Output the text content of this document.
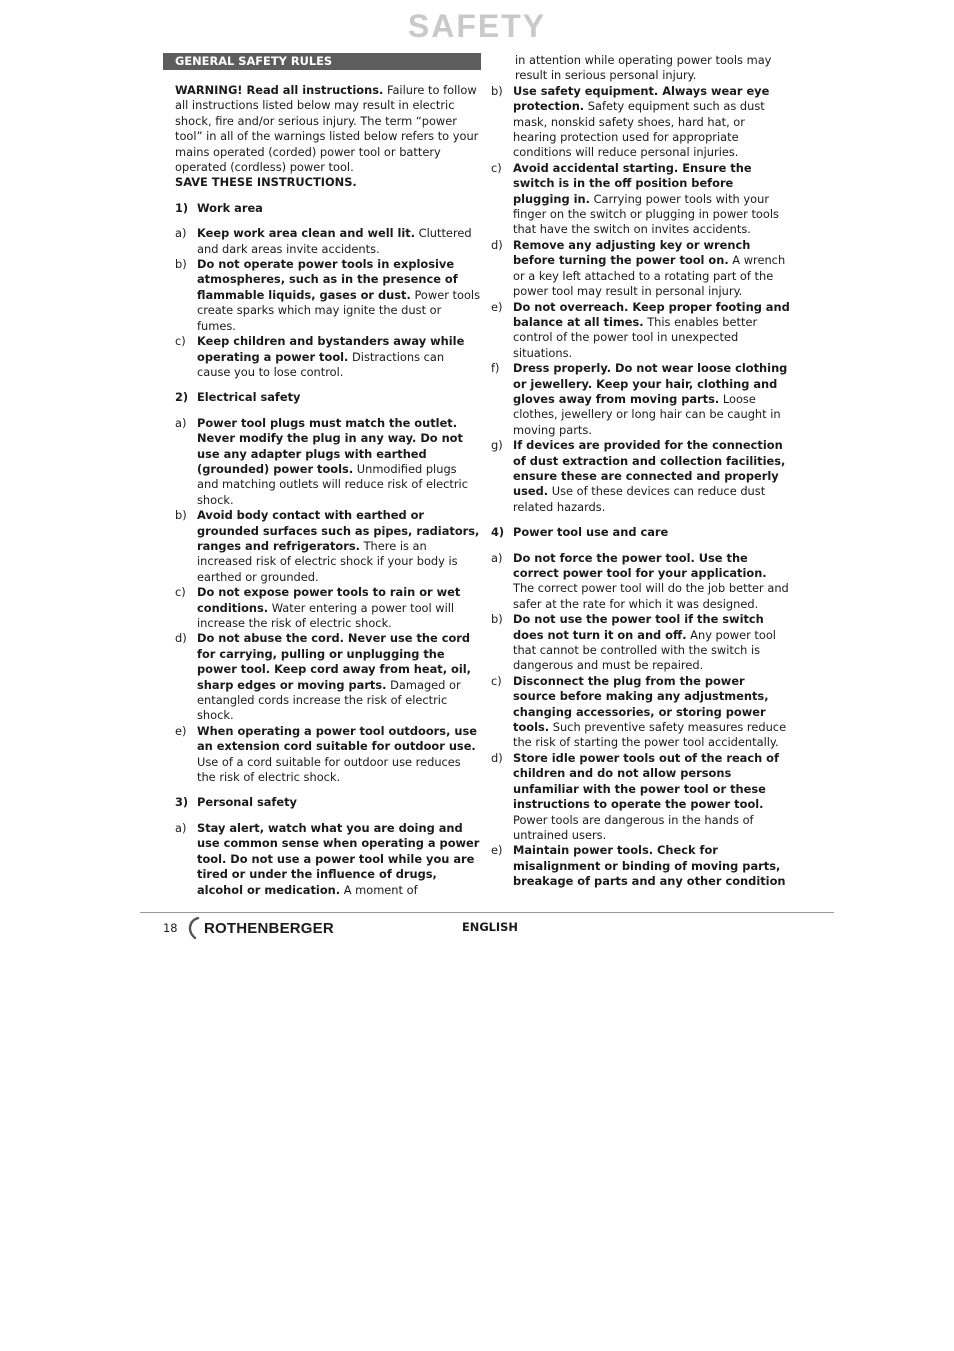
SAFETY
GENERAL SAFETY RULES

WARNING! Read all instructions. Failure to follow all instructions listed below may result in electric shock, fire and/or serious injury. The term “power tool” in all of the warnings listed below refers to your mains operated (corded) power tool or battery operated (cordless) power tool.

SAVE THESE INSTRUCTIONS.

1) Work area
a) Keep work area clean and well lit. Cluttered and dark areas invite accidents.
b) Do not operate power tools in explosive atmospheres, such as in the presence of flammable liquids, gases or dust. Power tools create sparks which may ignite the dust or fumes.
c) Keep children and bystanders away while operating a power tool. Distractions can cause you to lose control.
2) Electrical safety
a) Power tool plugs must match the outlet. Never modify the plug in any way. Do not use any adapter plugs with earthed (grounded) power tools. Unmodified plugs and matching outlets will reduce risk of electric shock.
b) Avoid body contact with earthed or grounded surfaces such as pipes, radiators, ranges and refrigerators. There is an increased risk of electric shock if your body is earthed or grounded.
c) Do not expose power tools to rain or wet conditions. Water entering a power tool will increase the risk of electric shock.
d) Do not abuse the cord. Never use the cord for carrying, pulling or unplugging the power tool. Keep cord away from heat, oil, sharp edges or moving parts. Damaged or entangled cords increase the risk of electric shock.
e) When operating a power tool outdoors, use an extension cord suitable for outdoor use. Use of a cord suitable for outdoor use reduces the risk of electric shock.
3) Personal safety
a) Stay alert, watch what you are doing and use common sense when operating a power tool. Do not use a power tool while you are tired or under the influence of drugs, alcohol or medication. A moment of

in attention while operating power tools may result in serious personal injury.

b) Use safety equipment. Always wear eye protection. Safety equipment such as dust mask, nonskid safety shoes, hard hat, or hearing protection used for appropriate conditions will reduce personal injuries.
c) Avoid accidental starting. Ensure the switch is in the off position before plugging in. Carrying power tools with your finger on the switch or plugging in power tools that have the switch on invites accidents.
d) Remove any adjusting key or wrench before turning the power tool on. A wrench or a key left attached to a rotating part of the power tool may result in personal injury.
e) Do not overreach. Keep proper footing and balance at all times. This enables better control of the power tool in unexpected situations.
f)	Dress properly. Do not wear loose clothing or jewellery. Keep your hair, clothing and gloves away from moving parts. Loose clothes, jewellery or long hair can be caught in moving parts.
g) If devices are provided for the connection of dust extraction and collection facilities, ensure these are connected and properly used. Use of these devices can reduce dust related hazards.
4) Power tool use and care
a) Do not force the power tool. Use the correct power tool for your application. The correct power tool will do the job better and safer at the rate for which it was designed.
b) Do not use the power tool if the switch does not turn it on and off. Any power tool that cannot be controlled with the switch is dangerous and must be repaired.
c) Disconnect the plug from the power source before making any adjustments, changing accessories, or storing power tools. Such preventive safety measures reduce the risk of starting the power tool accidentally.
d) Store idle power tools out of the reach of children and do not allow persons unfamiliar with the power tool or these instructions to operate the power tool. Power tools are dangerous in the hands of untrained users.
e) Maintain power tools. Check for misalignment or binding of moving parts, breakage of parts and any other condition
18 ROTHENBERGER	ENGLISH
